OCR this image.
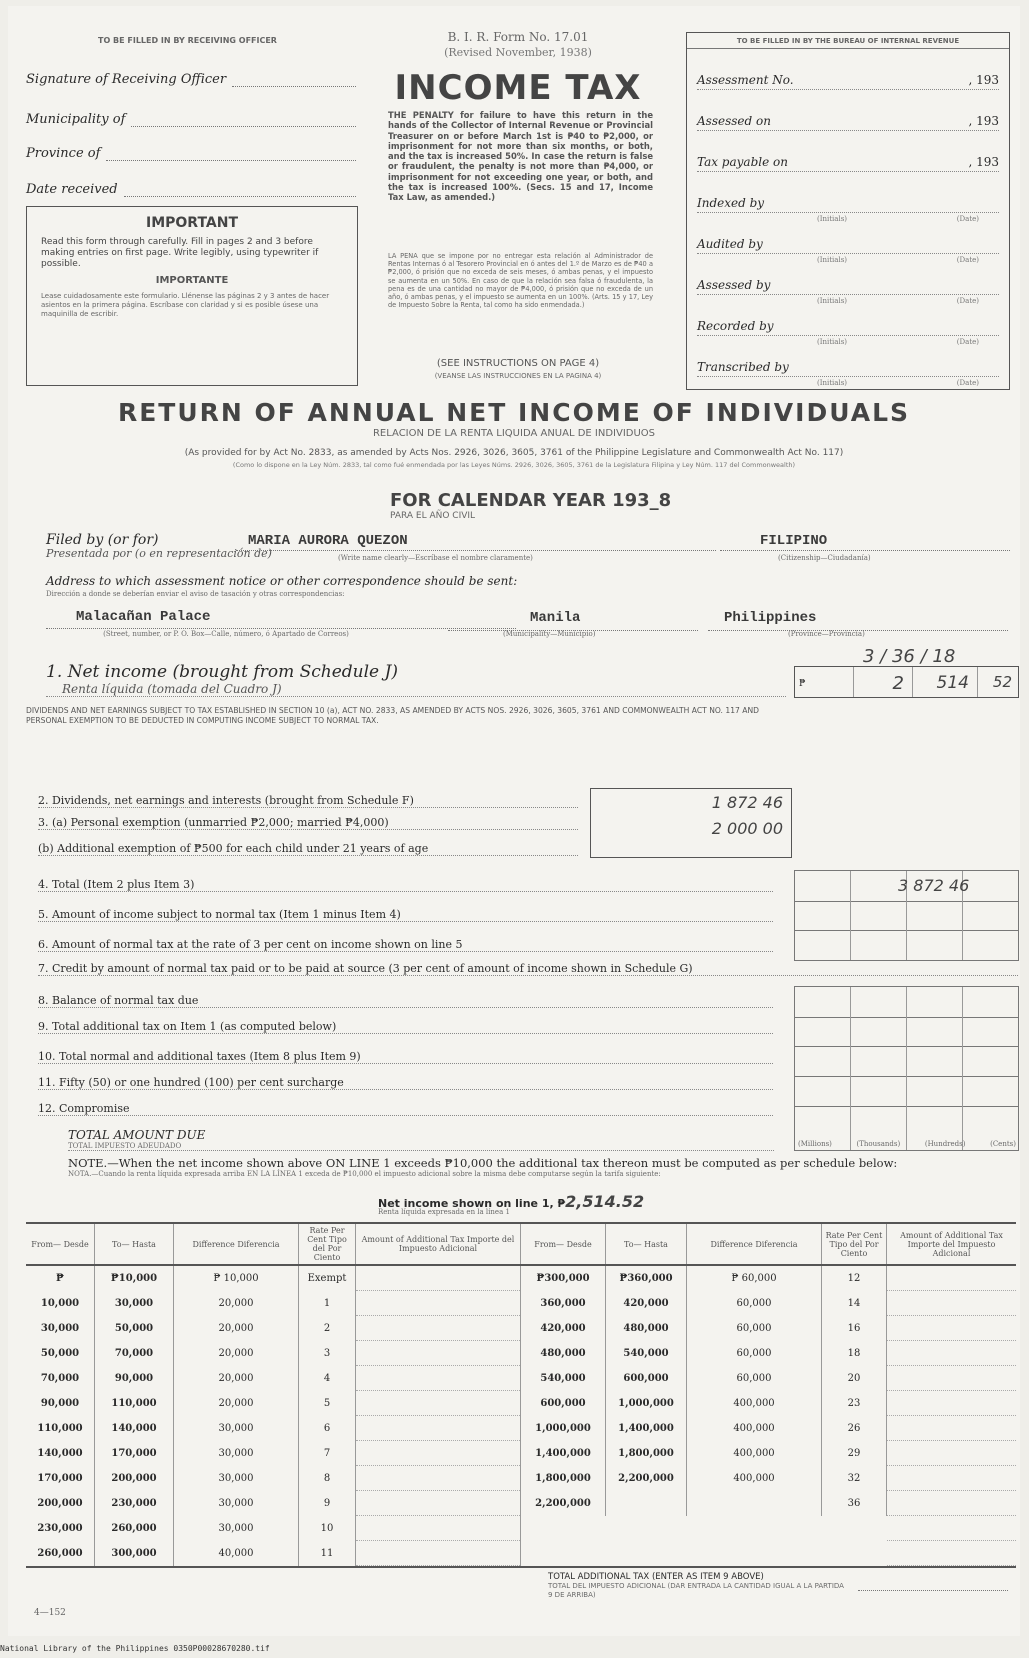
TO BE FILLED IN BY RECEIVING OFFICER
Signature of Receiving Officer
Municipality of
Province of
Date received
IMPORTANT
Read this form through carefully. Fill in pages 2 and 3 before making entries on first page. Write legibly, using typewriter if possible.
IMPORTANTE
Lease cuidadosamente este formulario. Llénense las páginas 2 y 3 antes de hacer asientos en la primera página. Escríbase con claridad y si es posible úsese una maquinilla de escribir.
B. I. R. Form No. 17.01
(Revised November, 1938)
INCOME TAX
THE PENALTY for failure to have this return in the hands of the Collector of Internal Revenue or Provincial Treasurer on or before March 1st is ₱40 to ₱2,000, or imprisonment for not more than six months, or both, and the tax is increased 50%. In case the return is false or fraudulent, the penalty is not more than ₱4,000, or imprisonment for not exceeding one year, or both, and the tax is increased 100%. (Secs. 15 and 17, Income Tax Law, as amended.)
LA PENA que se impone por no entregar esta relación al Administrador de Rentas Internas ó al Tesorero Provincial en ó antes del 1.º de Marzo es de ₱40 a ₱2,000, ó prisión que no exceda de seis meses, ó ambas penas, y el impuesto se aumenta en un 50%. En caso de que la relación sea falsa ó fraudulenta, la pena es de una cantidad no mayor de ₱4,000, ó prisión que no exceda de un año, ó ambas penas, y el impuesto se aumenta en un 100%. (Arts. 15 y 17, Ley de Impuesto Sobre la Renta, tal como ha sido enmendada.)
(SEE INSTRUCTIONS ON PAGE 4)
(VEANSE LAS INSTRUCCIONES EN LA PAGINA 4)
TO BE FILLED IN BY THE BUREAU OF INTERNAL REVENUE
Assessment No.	, 193
Assessed on	, 193
Tax payable on	, 193
Indexed by
(Initials)	(Date)
Audited by
(Initials)	(Date)
Assessed by
(Initials)	(Date)
Recorded by
(Initials)	(Date)
Transcribed by
(Initials)	(Date)
RETURN OF ANNUAL NET INCOME OF INDIVIDUALS
RELACION DE LA RENTA LIQUIDA ANUAL DE INDIVIDUOS
(As provided for by Act No. 2833, as amended by Acts Nos. 2926, 3026, 3605, 3761 of the Philippine Legislature and Commonwealth Act No. 117)
(Como lo dispone en la Ley Núm. 2833, tal como fué enmendada por las Leyes Núms. 2926, 3026, 3605, 3761 de la Legislatura Filipina y Ley Núm. 117 del Commonwealth)
FOR CALENDAR YEAR 193_8
PARA EL AÑO CIVIL
Filed by (or for)
Presentada por (o en representación de)
MARIA AURORA QUEZON
(Write name clearly—Escríbase el nombre claramente)
FILIPINO
(Citizenship—Ciudadanía)
Address to which assessment notice or other correspondence should be sent:
Dirección a donde se deberían enviar el aviso de tasación y otras correspondencias:
Malacañan Palace
(Street, number, or P. O. Box—Calle, número, ó Apartado de Correos)
Manila
(Municipality—Municipio)
Philippines
(Province—Provincia)
1. Net income (brought from Schedule J)
Renta líquida (tomada del Cuadro J)	₱	2 514 52
3 / 36 / 18
DIVIDENDS AND NET EARNINGS SUBJECT TO TAX ESTABLISHED IN SECTION 10 (a), ACT NO. 2833, AS AMENDED BY ACTS NOS. 2926, 3026, 3605, 3761 AND COMMONWEALTH ACT NO. 117 AND PERSONAL EXEMPTION TO BE DEDUCTED IN COMPUTING INCOME SUBJECT TO NORMAL TAX.
2. Dividends, net earnings and interests (brought from Schedule F)
3. (a) Personal exemption (unmarried ₱2,000; married ₱4,000)
(b) Additional exemption of ₱500 for each child under 21 years of age
1 872 46
2 000 00
4. Total (Item 2 plus Item 3)	3 872 46
5. Amount of income subject to normal tax (Item 1 minus Item 4)
6. Amount of normal tax at the rate of 3 per cent on income shown on line 5
7. Credit by amount of normal tax paid or to be paid at source (3 per cent of amount of income shown in Schedule G)
8. Balance of normal tax due
9. Total additional tax on Item 1 (as computed below)
10. Total normal and additional taxes (Item 8 plus Item 9)
11. Fifty (50) or one hundred (100) per cent surcharge
12. Compromise
TOTAL AMOUNT DUE
TOTAL IMPUESTO ADEUDADO	(Millions)	(Thousands)	(Hundreds)	(Cents)
NOTE.—When the net income shown above ON LINE 1 exceeds ₱10,000 the additional tax thereon must be computed as per schedule below:
NOTA.—Cuando la renta líquida expresada arriba EN LA LÍNEA 1 exceda de ₱10,000 el impuesto adicional sobre la misma debe computarse según la tarifa siguiente:
Net income shown on line 1, ₱2,514.52
Renta líquida expresada en la línea 1
From— Desde	To— Hasta	Difference Diferencia	Rate Per Cent Tipo del Por Ciento	Amount of Additional Tax Importe del Impuesto Adicional	From— Desde	To— Hasta	Difference Diferencia	Rate Per Cent Tipo del Por Ciento	Amount of Additional Tax Importe del Impuesto Adicional
₱	₱10,000	₱ 10,000	Exempt		₱300,000	₱360,000	₱ 60,000	12	
10,000	30,000	20,000	1		360,000	420,000	60,000	14	
30,000	50,000	20,000	2		420,000	480,000	60,000	16	
50,000	70,000	20,000	3		480,000	540,000	60,000	18	
70,000	90,000	20,000	4		540,000	600,000	60,000	20	
90,000	110,000	20,000	5		600,000	1,000,000	400,000	23	
110,000	140,000	30,000	6		1,000,000	1,400,000	400,000	26	
140,000	170,000	30,000	7		1,400,000	1,800,000	400,000	29	
170,000	200,000	30,000	8		1,800,000	2,200,000	400,000	32	
200,000	230,000	30,000	9		2,200,000			36	
230,000	260,000	30,000	10						
260,000	300,000	40,000	11						
TOTAL ADDITIONAL TAX (ENTER AS ITEM 9 ABOVE)
TOTAL DEL IMPUESTO ADICIONAL (DAR ENTRADA LA CANTIDAD IGUAL A LA PARTIDA 9 DE ARRIBA)
4—152
National Library of the Philippines 0350P00028670280.tif
